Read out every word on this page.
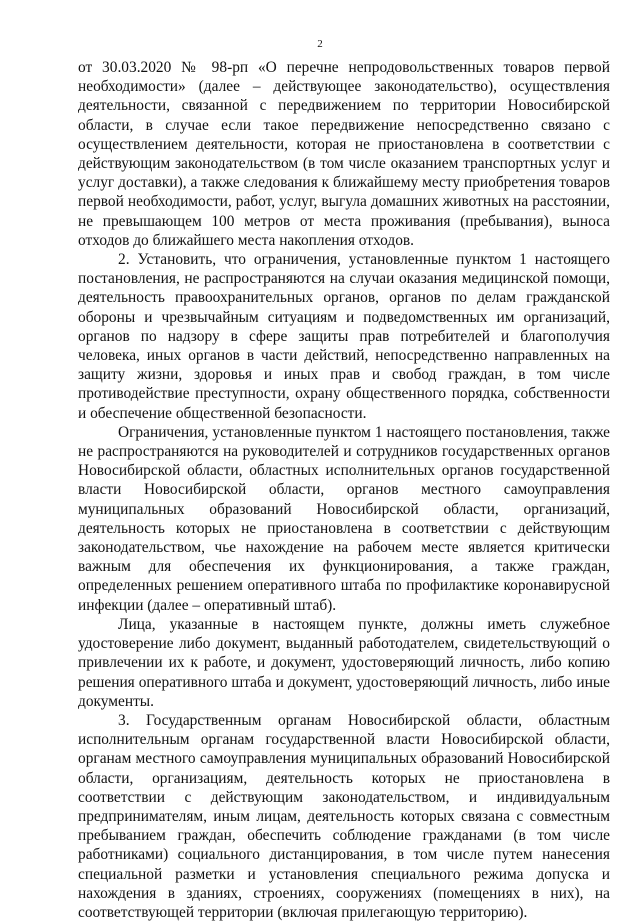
2

от 30.03.2020 № 98-рп «О перечне непродовольственных товаров первой необходимости» (далее – действующее законодательство), осуществления деятельности, связанной с передвижением по территории Новосибирской области, в случае если такое передвижение непосредственно связано с осуществлением деятельности, которая не приостановлена в соответствии с действующим законодательством (в том числе оказанием транспортных услуг и услуг доставки), а также следования к ближайшему месту приобретения товаров первой необходимости, работ, услуг, выгула домашних животных на расстоянии, не превышающем 100 метров от места проживания (пребывания), выноса отходов до ближайшего места накопления отходов.

2. Установить, что ограничения, установленные пунктом 1 настоящего постановления, не распространяются на случаи оказания медицинской помощи, деятельность правоохранительных органов, органов по делам гражданской обороны и чрезвычайным ситуациям и подведомственных им организаций, органов по надзору в сфере защиты прав потребителей и благополучия человека, иных органов в части действий, непосредственно направленных на защиту жизни, здоровья и иных прав и свобод граждан, в том числе противодействие преступности, охрану общественного порядка, собственности и обеспечение общественной безопасности.

Ограничения, установленные пунктом 1 настоящего постановления, также не распространяются на руководителей и сотрудников государственных органов Новосибирской области, областных исполнительных органов государственной власти Новосибирской области, органов местного самоуправления муниципальных образований Новосибирской области, организаций, деятельность которых не приостановлена в соответствии с действующим законодательством, чье нахождение на рабочем месте является критически важным для обеспечения их функционирования, а также граждан, определенных решением оперативного штаба по профилактике коронавирусной инфекции (далее – оперативный штаб).

Лица, указанные в настоящем пункте, должны иметь служебное удостоверение либо документ, выданный работодателем, свидетельствующий о привлечении их к работе, и документ, удостоверяющий личность, либо копию решения оперативного штаба и документ, удостоверяющий личность, либо иные документы.

3. Государственным органам Новосибирской области, областным исполнительным органам государственной власти Новосибирской области, органам местного самоуправления муниципальных образований Новосибирской области, организациям, деятельность которых не приостановлена в соответствии с действующим законодательством, и индивидуальным предпринимателям, иным лицам, деятельность которых связана с совместным пребыванием граждан, обеспечить соблюдение гражданами (в том числе работниками) социального дистанцирования, в том числе путем нанесения специальной разметки и установления специального режима допуска и нахождения в зданиях, строениях, сооружениях (помещениях в них), на соответствующей территории (включая прилегающую территорию).
